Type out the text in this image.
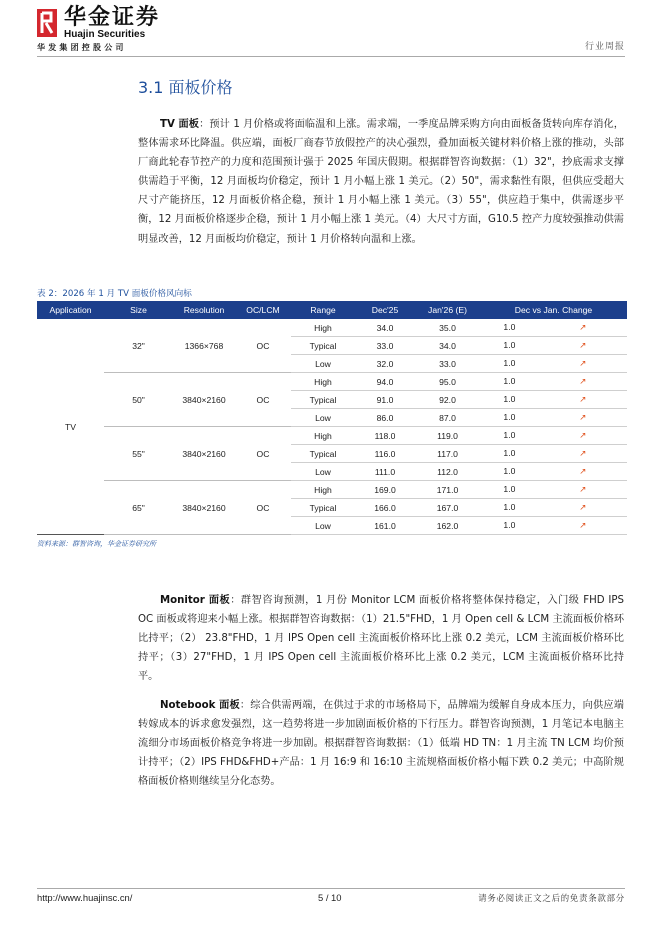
华金证券
Huajin Securities
华发集团控股公司	行业周报
3.1 面板价格
TV 面板：预计 1 月价格或将面临温和上涨。需求端，一季度品牌采购方向由面板备货转向库存消化，整体需求环比降温。供应端，面板厂商春节放假控产的决心强烈，叠加面板关键材料价格上涨的推动，头部厂商此轮春节控产的力度和范围预计强于 2025 年国庆假期。根据群智咨询数据：（1）32"，抄底需求支撑供需趋于平衡，12 月面板均价稳定，预计 1 月小幅上涨 1 美元。（2）50"，需求黏性有限，但供应受超大尺寸产能挤压，12 月面板价格企稳，预计 1 月小幅上涨 1 美元。（3）55"，供应趋于集中，供需逐步平衡，12 月面板价格逐步企稳，预计 1 月小幅上涨 1 美元。（4）大尺寸方面，G10.5 控产力度较强推动供需明显改善，12 月面板均价稳定，预计 1 月价格转向温和上涨。
表 2：2026 年 1 月 TV 面板价格风向标
Application	Size	Resolution	OC/LCM	Range	Dec'25	Jan'26 (E)	Dec vs Jan. Change
TV	32"	1366×768	OC	High	34.0	35.0	1.0 ↗

				Typical	33.0	34.0	1.0 ↗

				Low	32.0	33.0	1.0 ↗

	50"	3840×2160	OC	High	94.0	95.0	1.0 ↗

				Typical	91.0	92.0	1.0 ↗

				Low	86.0	87.0	1.0 ↗

	55"	3840×2160	OC	High	118.0	119.0	1.0 ↗

				Typical	116.0	117.0	1.0 ↗

				Low	111.0	112.0	1.0 ↗

	65"	3840×2160	OC	High	169.0	171.0	1.0 ↗

				Typical	166.0	167.0	1.0 ↗

				Low	161.0	162.0	1.0 ↗
资料来源：群智咨询，华金证券研究所
Monitor 面板：群智咨询预测，1 月份 Monitor LCM 面板价格将整体保持稳定，入门级 FHD IPS OC 面板或将迎来小幅上涨。根据群智咨询数据：（1）21.5"FHD，1 月 Open cell & LCM 主流面板价格环比持平；（2） 23.8"FHD，1 月 IPS Open cell 主流面板价格环比上涨 0.2 美元，LCM 主流面板价格环比持平；（3）27"FHD，1 月 IPS Open cell 主流面板价格环比上涨 0.2 美元，LCM 主流面板价格环比持平。
Notebook 面板：综合供需两端，在供过于求的市场格局下，品牌端为缓解自身成本压力，向供应端转嫁成本的诉求愈发强烈，这一趋势将进一步加剧面板价格的下行压力。群智咨询预测，1 月笔记本电脑主流细分市场面板价格竞争将进一步加剧。根据群智咨询数据：（1）低端 HD TN：1 月主流 TN LCM 均价预计持平；（2）IPS FHD&FHD+产品：1 月 16:9 和 16:10 主流规格面板价格小幅下跌 0.2 美元；中高阶规格面板价格则继续呈分化态势。
http://www.huajinsc.cn/	5 / 10	请务必阅读正文之后的免责条款部分
